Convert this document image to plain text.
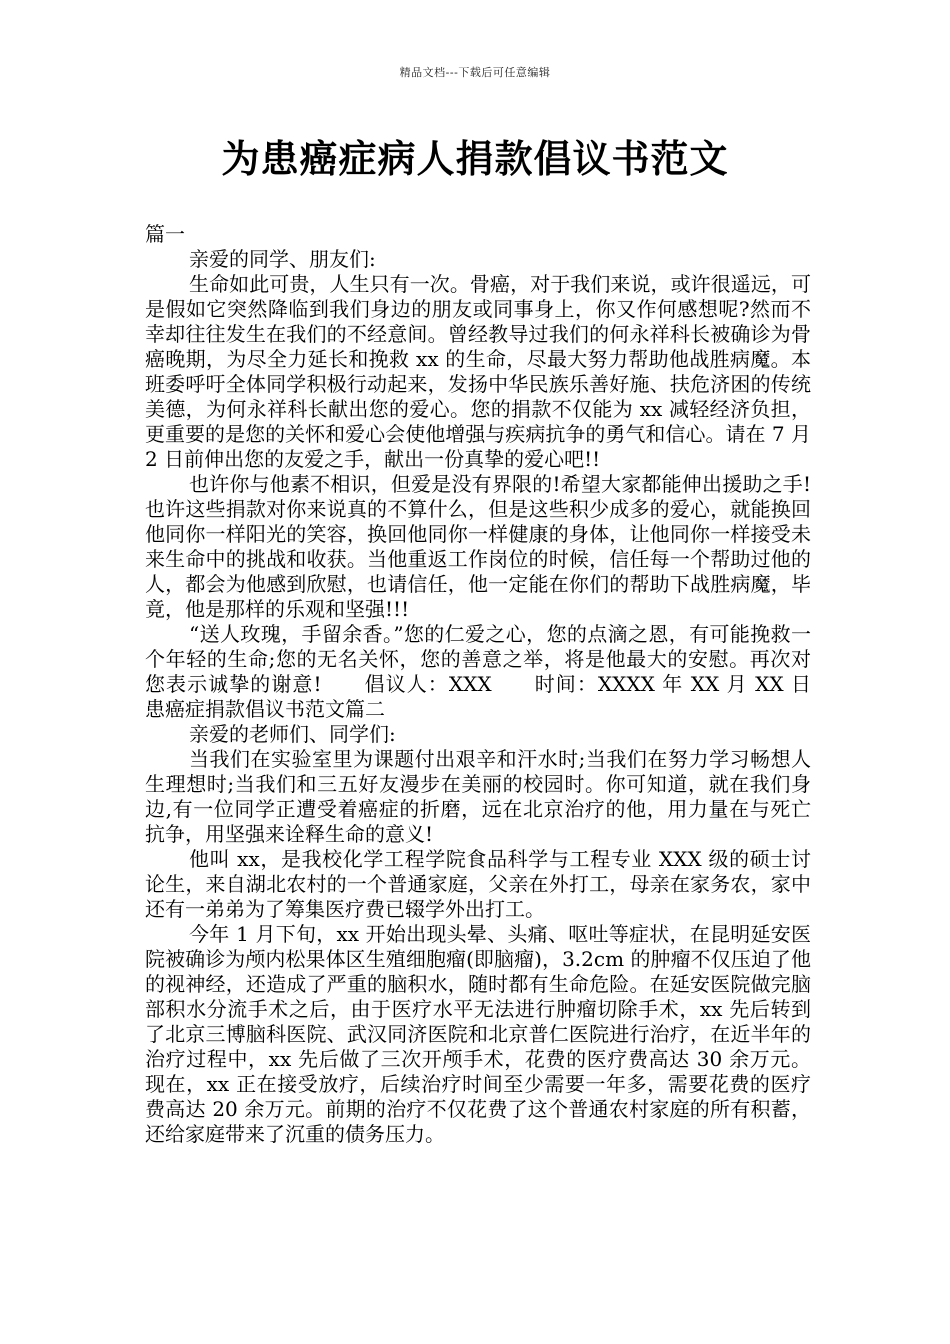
精品文档---下载后可任意编辑
为患癌症病人捐款倡议书范文

篇一

亲爱的同学、朋友们:

生命如此可贵，人生只有一次。骨癌，对于我们来说，或许很遥远，可是假如它突然降临到我们身边的朋友或同事身上，你又作何感想呢?然而不幸却往往发生在我们的不经意间。曾经教导过我们的何永祥科长被确诊为骨癌晚期，为尽全力延长和挽救 xx 的生命，尽最大努力帮助他战胜病魔。本班委呼吁全体同学积极行动起来，发扬中华民族乐善好施、扶危济困的传统美德，为何永祥科长献出您的爱心。您的捐款不仅能为 xx 减轻经济负担，更重要的是您的关怀和爱心会使他增强与疾病抗争的勇气和信心。请在 7 月 2 日前伸出您的友爱之手，献出一份真挚的爱心吧!!

也许你与他素不相识，但爱是没有界限的!希望大家都能伸出援助之手!也许这些捐款对你来说真的不算什么，但是这些积少成多的爱心，就能换回他同你一样阳光的笑容，换回他同你一样健康的身体，让他同你一样接受未来生命中的挑战和收获。当他重返工作岗位的时候，信任每一个帮助过他的人，都会为他感到欣慰，也请信任，他一定能在你们的帮助下战胜病魔，毕竟，他是那样的乐观和坚强!!!

“送人玫瑰，手留余香。”您的仁爱之心，您的点滴之恩，有可能挽救一个年轻的生命;您的无名关怀，您的善意之举，将是他最大的安慰。再次对您表示诚挚的谢意!　　倡议人：XXX　　时间：XXXX 年 XX 月 XX 日　　患癌症捐款倡议书范文篇二

亲爱的老师们、同学们:

当我们在实验室里为课题付出艰辛和汗水时;当我们在努力学习畅想人生理想时;当我们和三五好友漫步在美丽的校园时。你可知道，就在我们身边,有一位同学正遭受着癌症的折磨，远在北京治疗的他，用力量在与死亡抗争，用坚强来诠释生命的意义!

他叫 xx，是我校化学工程学院食品科学与工程专业 XXX 级的硕士讨论生，来自湖北农村的一个普通家庭，父亲在外打工，母亲在家务农，家中还有一弟弟为了筹集医疗费已辍学外出打工。

今年 1 月下旬，xx 开始出现头晕、头痛、呕吐等症状，在昆明延安医院被确诊为颅内松果体区生殖细胞瘤(即脑瘤)，3.2cm 的肿瘤不仅压迫了他的视神经，还造成了严重的脑积水，随时都有生命危险。在延安医院做完脑部积水分流手术之后，由于医疗水平无法进行肿瘤切除手术，xx 先后转到了北京三博脑科医院、武汉同济医院和北京普仁医院进行治疗，在近半年的治疗过程中，xx 先后做了三次开颅手术，花费的医疗费高达 30 余万元。现在，xx 正在接受放疗，后续治疗时间至少需要一年多，需要花费的医疗费高达 20 余万元。前期的治疗不仅花费了这个普通农村家庭的所有积蓄，还给家庭带来了沉重的债务压力。
